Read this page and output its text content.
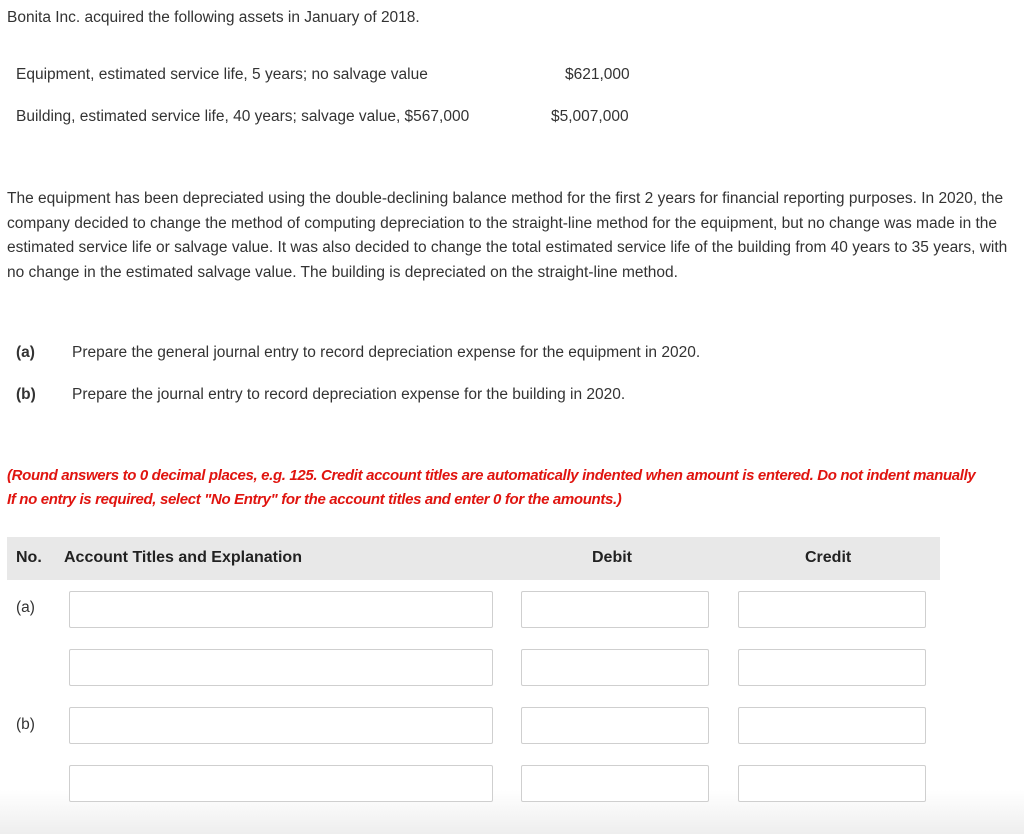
Bonita Inc. acquired the following assets in January of 2018.
Equipment, estimated service life, 5 years; no salvage value	$621,000
Building, estimated service life, 40 years; salvage value, $567,000	$5,007,000
The equipment has been depreciated using the double-declining balance method for the first 2 years for financial reporting purposes. In 2020, the company decided to change the method of computing depreciation to the straight-line method for the equipment, but no change was made in the estimated service life or salvage value. It was also decided to change the total estimated service life of the building from 40 years to 35 years, with no change in the estimated salvage value. The building is depreciated on the straight-line method.
(a) Prepare the general journal entry to record depreciation expense for the equipment in 2020.
(b) Prepare the journal entry to record depreciation expense for the building in 2020.
(Round answers to 0 decimal places, e.g. 125. Credit account titles are automatically indented when amount is entered. Do not indent manually
If no entry is required, select "No Entry" for the account titles and enter 0 for the amounts.)
No. Account Titles and Explanation	Debit	Credit
(a)
(b)
